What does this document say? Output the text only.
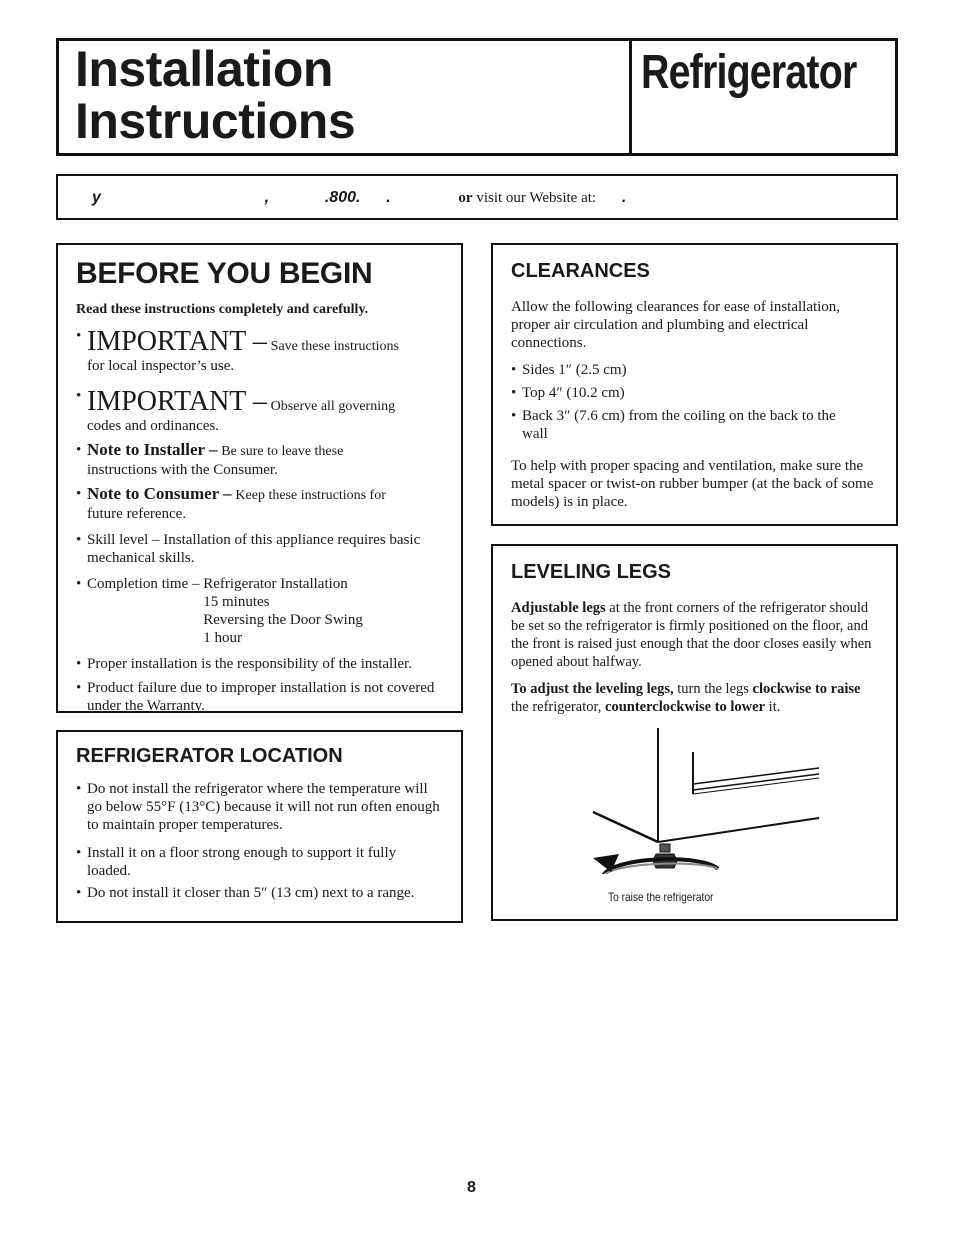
Installation
Instructions
Refrigerator
y	,	.800. .	or visit our Website at: .
BEFORE YOU BEGIN

Read these instructions completely and carefully.

• IMPORTANT – Save these instructions
for local inspector’s use.
• IMPORTANT – Observe all governing
codes and ordinances.
• Note to Installer – Be sure to leave these
instructions with the Consumer.
• Note to Consumer – Keep these instructions for
future reference.
• Skill level – Installation of this appliance requires basic mechanical skills.
• Completion time – Refrigerator Installation
15 minutes
Reversing the Door Swing
1 hour
• Proper installation is the responsibility of the installer.
• Product failure due to improper installation is not covered under the Warranty.
REFRIGERATOR LOCATION
• Do not install the refrigerator where the temperature will go below 55°F (13°C) because it will not run often enough to maintain proper temperatures.
• Install it on a floor strong enough to support it fully loaded.
• Do not install it closer than 5″ (13 cm) next to a range.
CLEARANCES

Allow the following clearances for ease of installation, proper air circulation and plumbing and electrical connections.

• Sides 1″ (2.5 cm)
• Top 4″ (10.2 cm)
• Back 3″ (7.6 cm) from the coiling on the back to the wall

To help with proper spacing and ventilation, make sure the metal spacer or twist-on rubber bumper (at the back of some models) is in place.

LEVELING LEGS

Adjustable legs at the front corners of the refrigerator should be set so the refrigerator is firmly positioned on the floor, and the front is raised just enough that the door closes easily when opened about halfway.

To adjust the leveling legs, turn the legs clockwise to raise the refrigerator, counterclockwise to lower it.

To raise the refrigerator
8
